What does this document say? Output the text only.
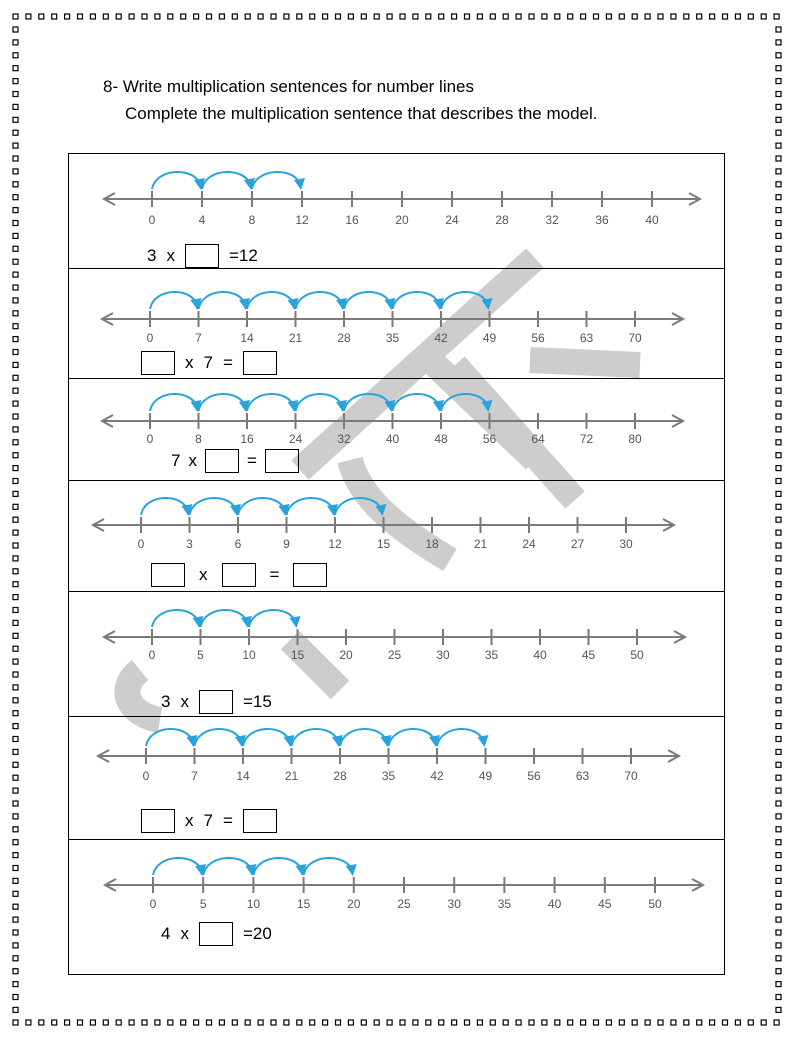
8- Write multiplication sentences for number lines
Complete the multiplication sentence that describes the model.
0	4	8	12	16	20	24	28	32	36	40
3 x	=12
0	7	14	21	28	35	42	49	56	63	70
x 7 =
0	8	16	24	32	40	48	56	64	72	80
7 x	=
0	3	6	9	12	15	18	21	24	27	30
x	=
0	5	10	15	20	25	30	35	40	45	50
3 x	=15
0	7	14	21	28	35	42	49	56	63	70
x 7 =
0	5	10	15	20	25	30	35	40	45	50
4 x	=20
